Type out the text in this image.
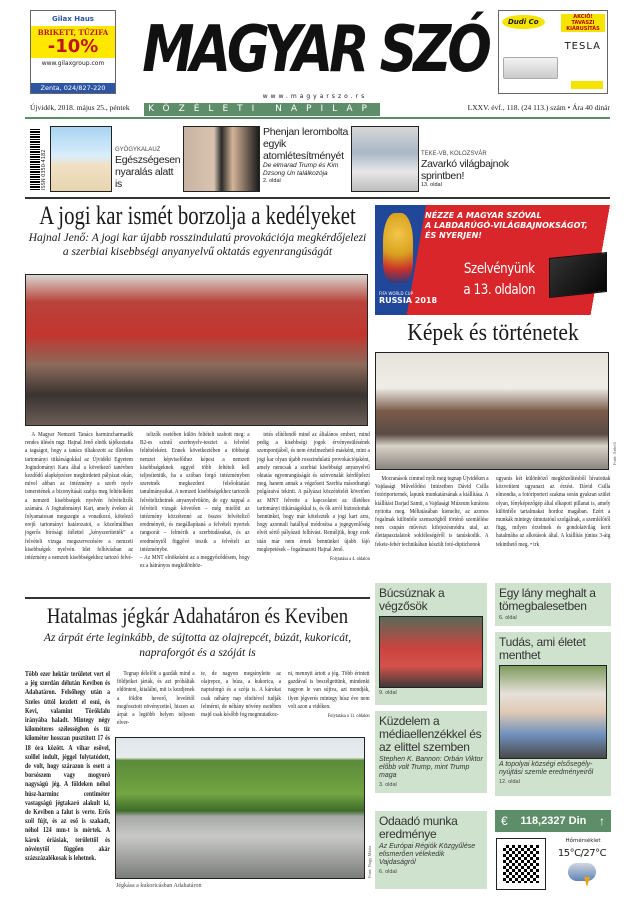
Gilax Haus
BRIKETT, TŰZIFA
-10%
www.gilaxgroup.com
Zenta, 024/827-220
MAGYAR SZÓ
www.magyarszo.rs
Dudi Co
AKCIÓ! TAVASZI KIÁRUSÍTÁS
TESLA
Újvidék, 2018. május 25., péntek	KÖZÉLETI NAPILAP	LXXV. évf., 118. (24 113.) szám • Ára 40 dinár
ISSN 0350-4182	GYÓGYKALAUZ
Egészségesen nyaralás alatt is
Phenjan lerombolta egyik atomlétesítményét
De elmarad Trump és Kim Dzsong Un találkozója
2. oldal
TEKE-VB, KOLOZSVÁR
Zavarkó világbajnok sprintben!
13. oldal
A jogi kar ismét borzolja a kedélyeket
Hajnal Jenő: A jogi kar újabb rosszindulatú provokációja megkérdőjelezi a szerbiai kisebbségi anyanyelvű oktatás egyenrangúságát

A Magyar Nemzeti Tanács harmincharmadik rendes ülésén mgr. Hajnal Jenő elnök tájékoztatta a tagságot, hogy a tanács tiltakozott az illetékes tartományi titkárságokkal az Újvidéki Egyetem Jogtudományi Kara által a következő tanévben kezdődő alapképzésre meghirdetett pályázat okán, mivel abban az intézmény a szerb nyelv ismeretének a bizonyítását szabja meg feltételként a nemzeti kisebbségek nyelvén felvételizők számára. A Jogtudományi Kart, amely éveken át folyamatosan megszegte a vonatkozó, kötelező erejű tartományi határozatot, a közelmúltban jogerős bírósági ítélettel „kényszerítették” a felvételi vizsga megszervezésére a nemzeti kisebbségek nyelvén. Idei felhívásban az intézmény a nemzeti kisebbségekhez tartozó felvé-

telizők esetében külön feltételt szabott meg: a B2-es szintű szerbnyelv-tesztet a felvétel feltételeként. Ennek következtében a többségi nemzet képviselőihez képest a nemzeti kisebbségeknek eggyel több feltételt kell teljesíteniük, ha a szóban forgó intézményben szeretnék megkezdeni felsőoktatási tanulmányaikat. A nemzeti kisebbségekhez tartozók felvételizhetnek anyanyelvükön, de egy nappal a felvételi vizsgát követően – még mielőtt az intézmény közzétenné az összes felvételiző eredményét, és megállapítaná a felvételt nyertek rangsorát – felmérik a szerbtudásukat, és az eredménytől függővé teszik a felvételt az intézménybe.
– Az MNT elnökeként az a meggyőződésem, hogy ez a hátrányos megkülönböz-

tetés elítélendő mind az általános emberi, mind pedig a kisebbségi jogok érvényesülésének szempontjából, és nem értelmezhető másként, mint a jogi kar olyan újabb rosszindulatú provokációjaként, amely nemcsak a szerbiai kisebbségi anyanyelvű oktatás egyenrangúságát és színvonalát kérdőjelezi meg, hanem annak a végzőseit Szerbia másodrangú polgáraivá tekinti. A pályázat közzétételét követően az MNT felvette a kapcsolatot az illetékes tartományi titkárságokkal is, és ők arról biztosítottak bennünket, hogy már kötelezték a jogi kart arra, hogy azonnali hatállyal módosítsa a jogegyenlőség elvét sértő pályázati felhívást. Reméljük, hogy ezek után már nem érnek bennünket újabb fájó meglepetések – fogalmazott Hajnal Jenő.

Folytatása a 4. oldalon
Hatalmas jégkár Adahatáron és Keviben
Az árpát érte leginkább, de sújtotta az olajrepcét, búzát, kukoricát, napraforgót és a szóját is
Több ezer hektár területet vert el a jég szerdán délután Keviben és Adahatáron. Felsőhegy után a Szeles úttól kezdett el esni, és Kevi, valamint Törökfalu irányába haladt. Mintegy négy kilométeres szélességben és tíz kilométer hosszan pusztított 17 és 18 óra között. A vihar esővel, széllel indult, jéggel folytatódott, de volt, hogy szárazon is esett a borsószem vagy mogyoró nagyságú jég. A földeken néhol húsz-harminc centiméter vastagságú jégtakaró alakult ki, de Keviben a falut is verte. Erős szél fújt, és az eső is szakadt, néhol 124 mm-t is mértek. A károk óriásiak, területtől és növénytől függően akár százszázalékosak is lehetnek.

Tegnap délelőtt a gazdák mind a földjeiket járták, és azt próbálták eldönteni, kitalálni, mit is kezdjenek a földön heverő, levelétől megfosztott növényzettel, hiszen az árpát a legtöbb helyen teljesen elver-

te, de nagyon megsínylette az olajrepce, a búza, a kukorica, a napraforgó és a szója is. A károkat csak néhány nap elteltével tudják felmérni, de néhány növény esetében majd csak később fog megmutatkoz-
ni, mennyit ártott a jég. Több érintett gazdával is beszélgettünk, mindenki nagyon le van sújtva, azt mondják, ilyen jégverés mintegy húsz éve nem volt azon a vidéken.
Folytatása a 11. oldalon
Jégkása a kukoricásban Adahatáron
Fotó: Nagy Mária
FIFA WORLD CUP
RUSSIA 2018
NÉZZE A MAGYAR SZÓVAL
A LABDARÚGÓ-VILÁGBAJNOKSÁGOT,
ÉS NYERJEN!
Szelvényünk
a 13. oldalon
Képek és történetek
Fotó: Ardelli

Mocranások címmel nyílt meg tegnap Újvidéken a Vajdasági Művelődési Intézetben Dávid Csilla fotóriporternek, lapunk munkatársának a kiállítása. A kiállítást Darjad Samii, a Vajdasági Múzeum kurátora nyitotta meg. Méltatásában kiemelte, az azonos fogalmak különféle szemszögből történő szemlélése nem csupán művészi kifejezésmódra utal, az élettapasztalatok sokféleségéről is tanúskodik. A fekete-fehér technikában készült fotó-diptichonok

ugyanis két különböző megközelítésből hívatottak közvetíteni ugyanazt az érzést. Dávid Csilla elmondta, a fotóriporteri szakma során gyakran szület olyan, fényképezőgép által elkapott pillanat is, amely különféle tartalmakat hordoz magában. Ezért a munkák mintegy útmutatóul szolgálnak, a szemlélőtől függ, milyen érzelmek és gondolatvilág kerít hatalmába az alkotások által. A kiállítás június 3-áig tekinthető meg. • trk
Búcsúznak a végzősök
9. oldal
Egy lány meghalt a tömegbalesetben
6. oldal
Tudás, ami életet menthet
A topolyai községi elsősegély-nyújtási szemle eredményeiről
12. oldal
Küzdelem a médiaellenzékkel és az elittel szemben
Stephen K. Bannon: Orbán Viktor előbb volt Trump, mint Trump maga
3. oldal
Odaadó munka eredménye
Az Európai Régiók Közgyűlése elismerően vélekedik Vajdaságról
6. oldal
€ 118,2327 Din ↑
Hőmérséklet
15°C/27°C
